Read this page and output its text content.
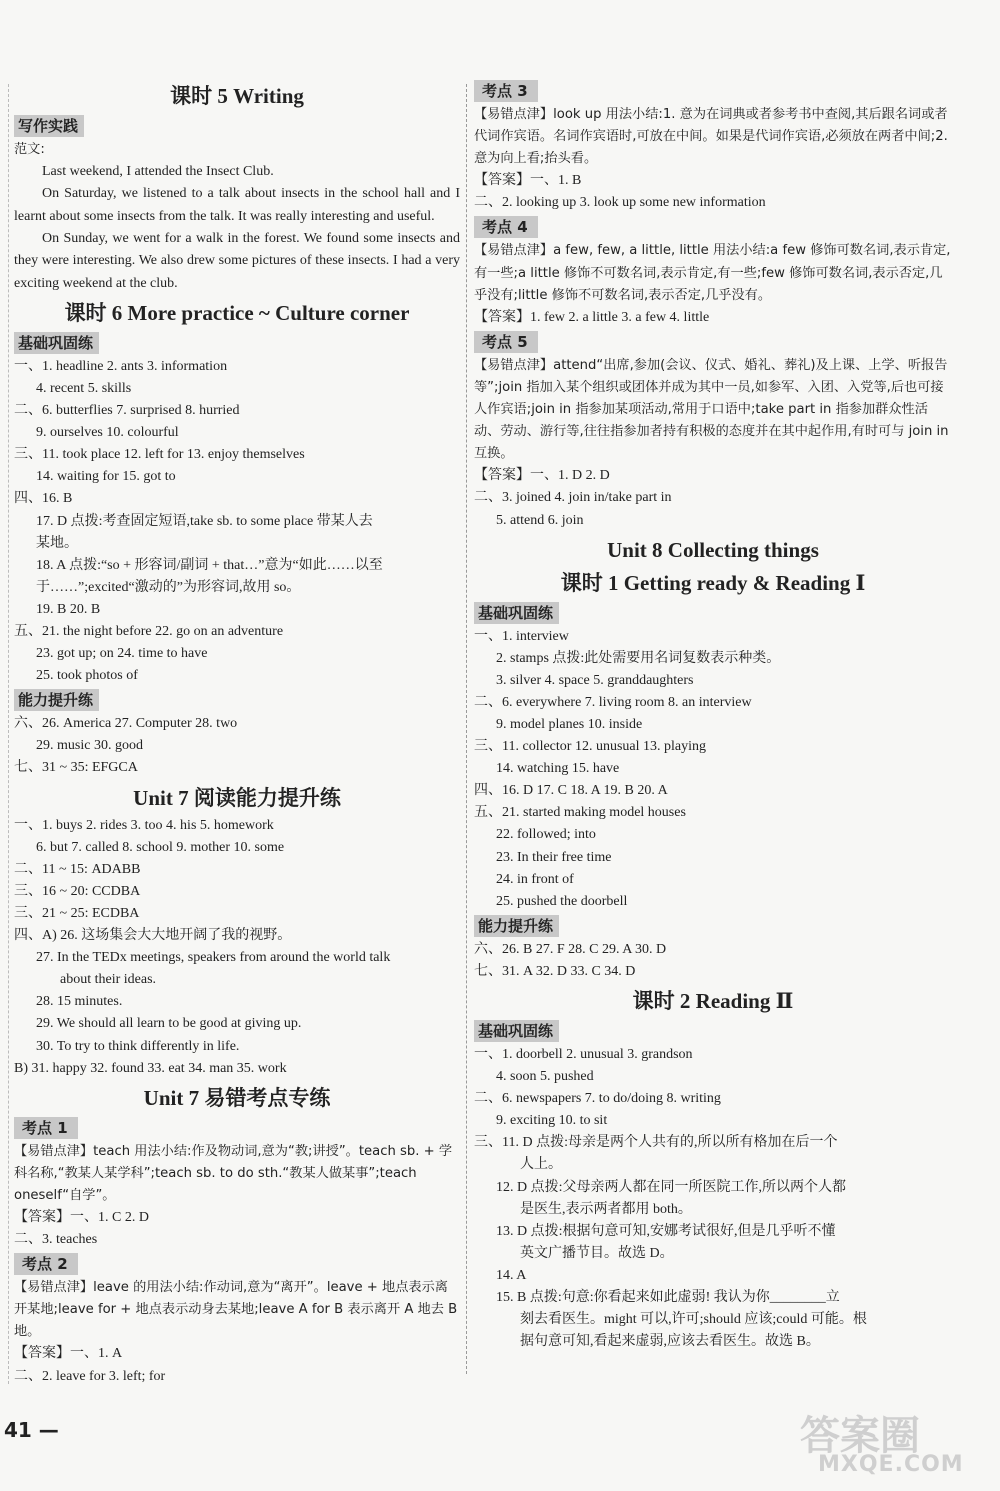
课时 5 Writing
写作实践
范文:

Last weekend, I attended the Insect Club.

On Saturday, we listened to a talk about insects in the school hall and I learnt about some insects from the talk. It was really interesting and useful.

On Sunday, we went for a walk in the forest. We found some insects and they were interesting. We also drew some pictures of these insects. I had a very exciting weekend at the club.

课时 6 More practice ~ Culture corner
基础巩固练
一、1. headline 2. ants 3. information
4. recent 5. skills
二、6. butterflies 7. surprised 8. hurried
9. ourselves 10. colourful
三、11. took place 12. left for 13. enjoy themselves
14. waiting for 15. got to
四、16. B
17. D 点拨:考查固定短语,take sb. to some place 带某人去
某地。
18. A 点拨:“so + 形容词/副词 + that…”意为“如此……以至
于……”;excited“激动的”为形容词,故用 so。
19. B 20. B
五、21. the night before 22. go on an adventure
23. got up; on 24. time to have
25. took photos of
能力提升练
六、26. America 27. Computer 28. two
29. music 30. good
七、31 ~ 35: EFGCA
Unit 7 阅读能力提升练
一、1. buys 2. rides 3. too 4. his 5. homework
6. but 7. called 8. school 9. mother 10. some
二、11 ~ 15: ADABB
三、16 ~ 20: CCDBA
三、21 ~ 25: ECDBA
四、A) 26. 这场集会大大地开阔了我的视野。
27. In the TEDx meetings, speakers from around the world talk
about their ideas.
28. 15 minutes.
29. We should all learn to be good at giving up.
30. To try to think differently in life.
B) 31. happy 32. found 33. eat 34. man 35. work
Unit 7 易错考点专练
考点 1
【易错点津】teach 用法小结:作及物动词,意为“教;讲授”。teach sb. + 学科名称,“教某人某学科”;teach sb. to do sth.“教某人做某事”;teach oneself“自学”。
【答案】一、1. C 2. D
二、3. teaches
考点 2
【易错点津】leave 的用法小结:作动词,意为“离开”。leave + 地点表示离开某地;leave for + 地点表示动身去某地;leave A for B 表示离开 A 地去 B 地。
【答案】一、1. A
二、2. leave for 3. left; for
考点 3
【易错点津】look up 用法小结:1. 意为在词典或者参考书中查阅,其后跟名词或者代词作宾语。名词作宾语时,可放在中间。如果是代词作宾语,必须放在两者中间;2. 意为向上看;抬头看。
【答案】一、1. B
二、2. looking up 3. look up some new information
考点 4
【易错点津】a few, few, a little, little 用法小结:a few 修饰可数名词,表示肯定,有一些;a little 修饰不可数名词,表示肯定,有一些;few 修饰可数名词,表示否定,几乎没有;little 修饰不可数名词,表示否定,几乎没有。
【答案】1. few 2. a little 3. a few 4. little
考点 5
【易错点津】attend“出席,参加(会议、仪式、婚礼、葬礼)及上课、上学、听报告等”;join 指加入某个组织或团体并成为其中一员,如参军、入团、入党等,后也可接人作宾语;join in 指参加某项活动,常用于口语中;take part in 指参加群众性活动、劳动、游行等,往往指参加者持有积极的态度并在其中起作用,有时可与 join in 互换。
【答案】一、1. D 2. D
二、3. joined 4. join in/take part in
5. attend 6. join
Unit 8 Collecting things
课时 1 Getting ready & Reading Ⅰ
基础巩固练
一、1. interview
2. stamps 点拨:此处需要用名词复数表示种类。
3. silver 4. space 5. granddaughters
二、6. everywhere 7. living room 8. an interview
9. model planes 10. inside
三、11. collector 12. unusual 13. playing
14. watching 15. have
四、16. D 17. C 18. A 19. B 20. A
五、21. started making model houses
22. followed; into
23. In their free time
24. in front of
25. pushed the doorbell
能力提升练
六、26. B 27. F 28. C 29. A 30. D
七、31. A 32. D 33. C 34. D
课时 2 Reading Ⅱ
基础巩固练
一、1. doorbell 2. unusual 3. grandson
4. soon 5. pushed
二、6. newspapers 7. to do/doing 8. writing
9. exciting 10. to sit
三、11. D 点拨:母亲是两个人共有的,所以所有格加在后一个
人上。
12. D 点拨:父母亲两人都在同一所医院工作,所以两个人都
是医生,表示两者都用 both。
13. D 点拨:根据句意可知,安娜考试很好,但是几乎听不懂
英文广播节目。故选 D。
14. A
15. B 点拨:句意:你看起来如此虚弱! 我认为你________立
刻去看医生。might 可以,许可;should 应该;could 可能。根
据句意可知,看起来虚弱,应该去看医生。故选 B。
41 —	答案圈
MXQE.COM
